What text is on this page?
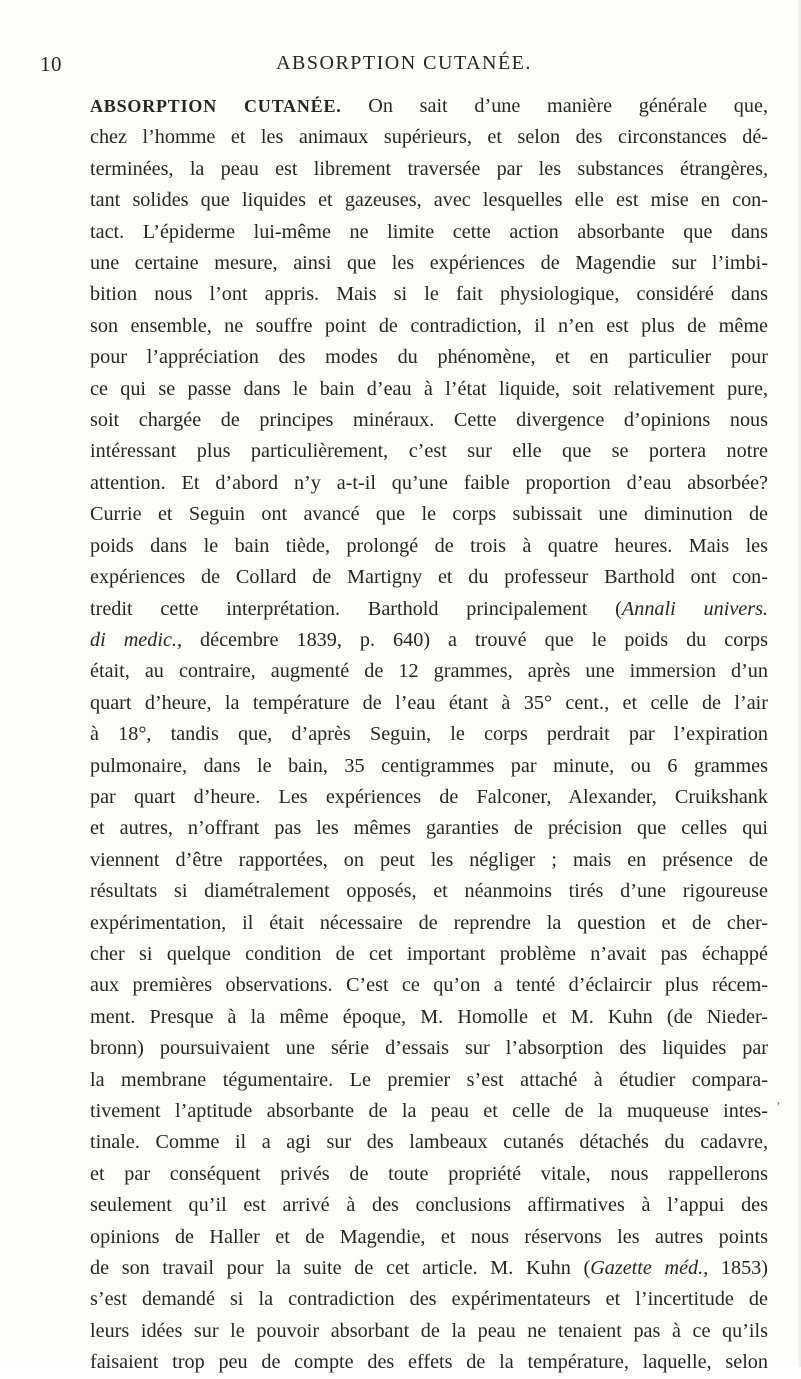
10	ABSORPTION CUTANÉE.
ABSORPTION CUTANÉE. On sait d’une manière générale que,
chez l’homme et les animaux supérieurs, et selon des circonstances dé-
terminées, la peau est librement traversée par les substances étrangères,
tant solides que liquides et gazeuses, avec lesquelles elle est mise en con-
tact. L’épiderme lui-même ne limite cette action absorbante que dans
une certaine mesure, ainsi que les expériences de Magendie sur l’imbi-
bition nous l’ont appris. Mais si le fait physiologique, considéré dans
son ensemble, ne souffre point de contradiction, il n’en est plus de même
pour l’appréciation des modes du phénomène, et en particulier pour
ce qui se passe dans le bain d’eau à l’état liquide, soit relativement pure,
soit chargée de principes minéraux. Cette divergence d’opinions nous
intéressant plus particulièrement, c’est sur elle que se portera notre
attention. Et d’abord n’y a-t-il qu’une faible proportion d’eau absorbée?
Currie et Seguin ont avancé que le corps subissait une diminution de
poids dans le bain tiède, prolongé de trois à quatre heures. Mais les
expériences de Collard de Martigny et du professeur Barthold ont con-
tredit cette interprétation. Barthold principalement (Annali univers.
di medic., décembre 1839, p. 640) a trouvé que le poids du corps
était, au contraire, augmenté de 12 grammes, après une immersion d’un
quart d’heure, la température de l’eau étant à 35° cent., et celle de l’air
à 18°, tandis que, d’après Seguin, le corps perdrait par l’expiration
pulmonaire, dans le bain, 35 centigrammes par minute, ou 6 grammes
par quart d’heure. Les expériences de Falconer, Alexander, Cruikshank
et autres, n’offrant pas les mêmes garanties de précision que celles qui
viennent d’être rapportées, on peut les négliger ; mais en présence de
résultats si diamétralement opposés, et néanmoins tirés d’une rigoureuse
expérimentation, il était nécessaire de reprendre la question et de cher-
cher si quelque condition de cet important problème n’avait pas échappé
aux premières observations. C’est ce qu’on a tenté d’éclaircir plus récem-
ment. Presque à la même époque, M. Homolle et M. Kuhn (de Nieder-
bronn) poursuivaient une série d’essais sur l’absorption des liquides par
la membrane tégumentaire. Le premier s’est attaché à étudier compara-
tivement l’aptitude absorbante de la peau et celle de la muqueuse intes-
tinale. Comme il a agi sur des lambeaux cutanés détachés du cadavre,
et par conséquent privés de toute propriété vitale, nous rappellerons
seulement qu’il est arrivé à des conclusions affirmatives à l’appui des
opinions de Haller et de Magendie, et nous réservons les autres points
de son travail pour la suite de cet article. M. Kuhn (Gazette méd., 1853)
s’est demandé si la contradiction des expérimentateurs et l’incertitude de
leurs idées sur le pouvoir absorbant de la peau ne tenaient pas à ce qu’ils
faisaient trop peu de compte des effets de la température, laquelle, selon
’
